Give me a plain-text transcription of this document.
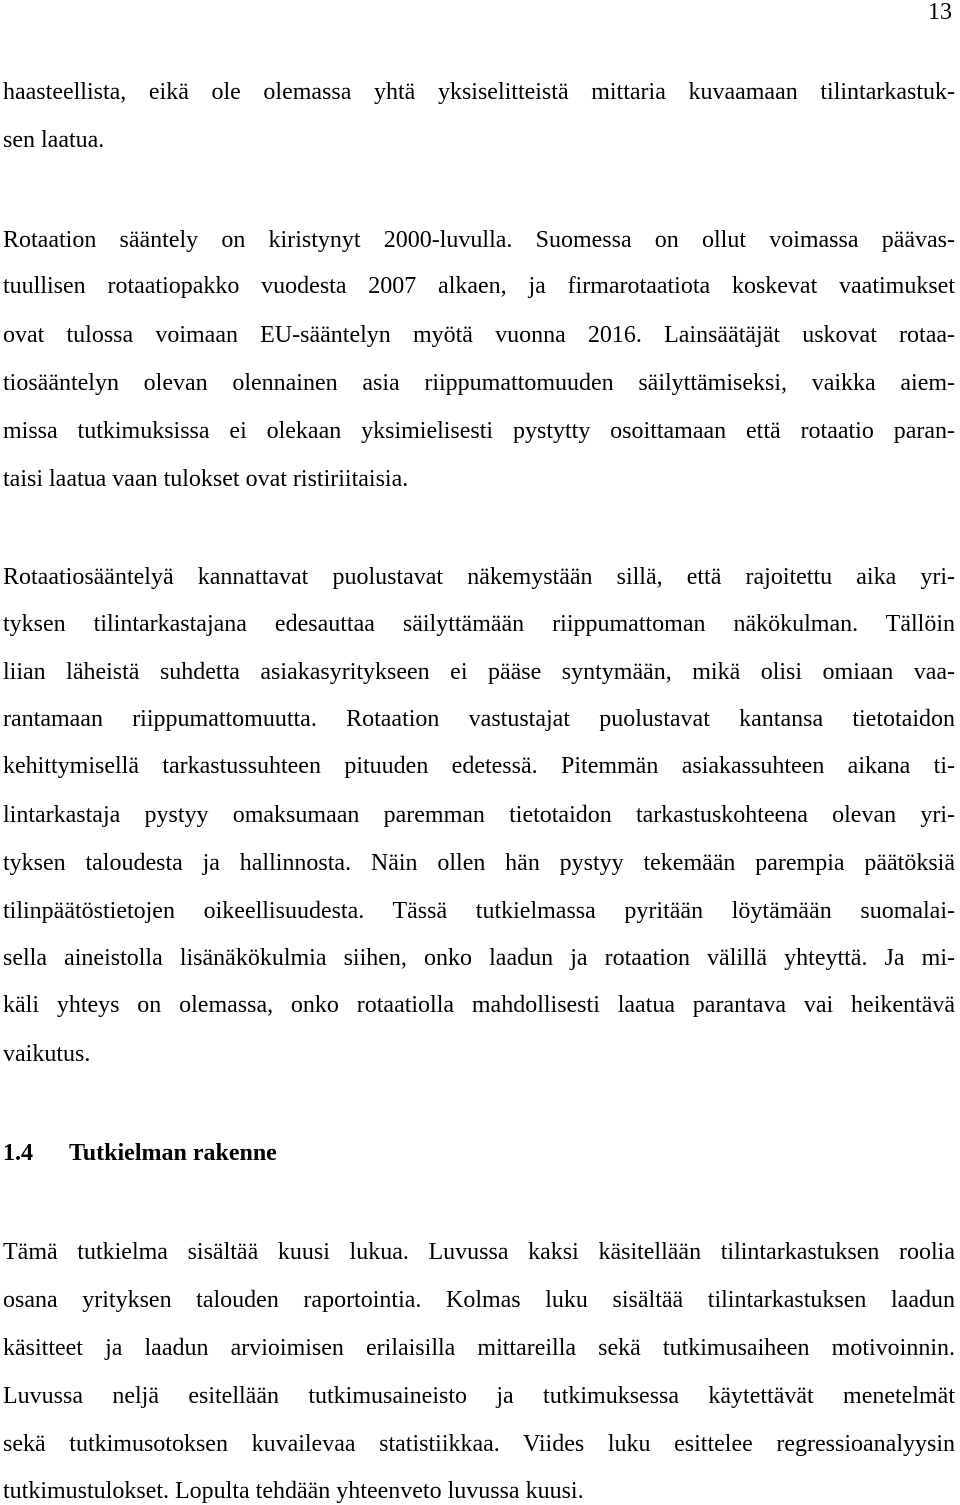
13
haasteellista, eikä ole olemassa yhtä yksiselitteistä mittaria kuvaamaan tilintarkastuk-
sen laatua.
Rotaation sääntely on kiristynyt 2000-luvulla. Suomessa on ollut voimassa päävas-
tuullisen rotaatiopakko vuodesta 2007 alkaen, ja firmarotaatiota koskevat vaatimukset
ovat tulossa voimaan EU-sääntelyn myötä vuonna 2016. Lainsäätäjät uskovat rotaa-
tiosääntelyn olevan olennainen asia riippumattomuuden säilyttämiseksi, vaikka aiem-
missa tutkimuksissa ei olekaan yksimielisesti pystytty osoittamaan että rotaatio paran-
taisi laatua vaan tulokset ovat ristiriitaisia.
Rotaatiosääntelyä kannattavat puolustavat näkemystään sillä, että rajoitettu aika yri-
tyksen tilintarkastajana edesauttaa säilyttämään riippumattoman näkökulman. Tällöin
liian läheistä suhdetta asiakasyritykseen ei pääse syntymään, mikä olisi omiaan vaa-
rantamaan riippumattomuutta. Rotaation vastustajat puolustavat kantansa tietotaidon
kehittymisellä tarkastussuhteen pituuden edetessä. Pitemmän asiakassuhteen aikana ti-
lintarkastaja pystyy omaksumaan paremman tietotaidon tarkastuskohteena olevan yri-
tyksen taloudesta ja hallinnosta. Näin ollen hän pystyy tekemään parempia päätöksiä
tilinpäätöstietojen oikeellisuudesta. Tässä tutkielmassa pyritään löytämään suomalai-
sella aineistolla lisänäkökulmia siihen, onko laadun ja rotaation välillä yhteyttä. Ja mi-
käli yhteys on olemassa, onko rotaatiolla mahdollisesti laatua parantava vai heikentävä
vaikutus.
1.4 Tutkielman rakenne
Tämä tutkielma sisältää kuusi lukua. Luvussa kaksi käsitellään tilintarkastuksen roolia
osana yrityksen talouden raportointia. Kolmas luku sisältää tilintarkastuksen laadun
käsitteet ja laadun arvioimisen erilaisilla mittareilla sekä tutkimusaiheen motivoinnin.
Luvussa neljä esitellään tutkimusaineisto ja tutkimuksessa käytettävät menetelmät
sekä tutkimusotoksen kuvailevaa statistiikkaa. Viides luku esittelee regressioanalyysin
tutkimustulokset. Lopulta tehdään yhteenveto luvussa kuusi.
